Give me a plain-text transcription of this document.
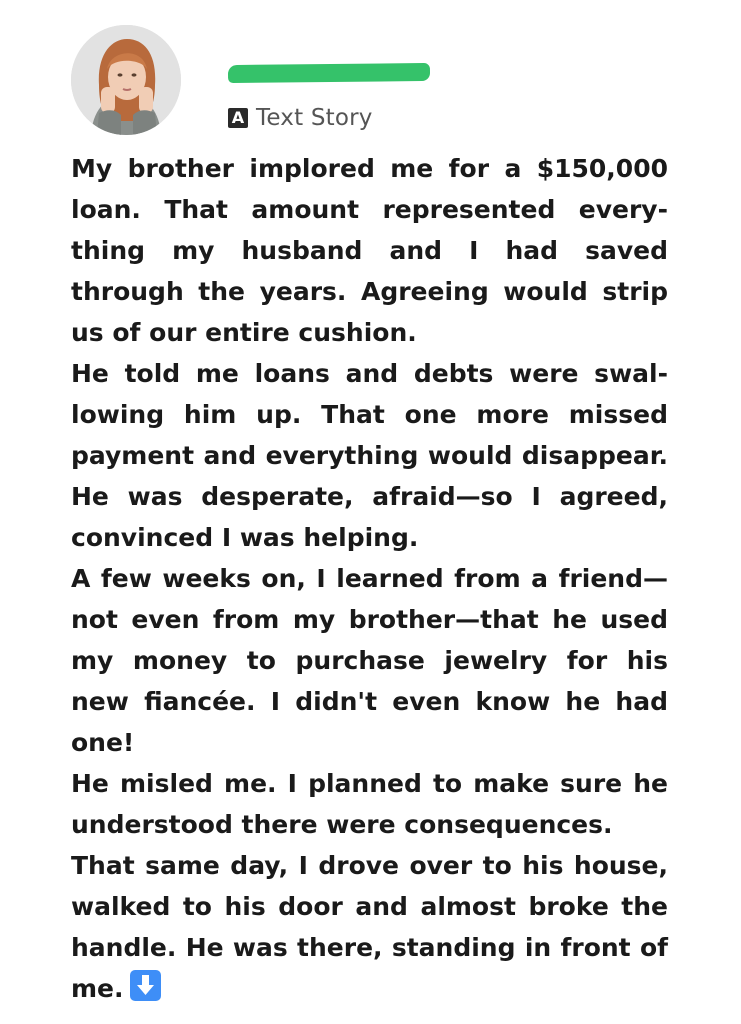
A Text Story

My brother implored me for a $150,000 loan. That amount represented everything my husband and I had saved through the years. Agreeing would strip us of our entire cushion.

He told me loans and debts were swallowing him up. That one more missed payment and everything would disappear. He was desperate, afraid—so I agreed, convinced I was helping.

A few weeks on, I learned from a friend—not even from my brother—that he used my money to purchase jewelry for his new fiancée. I didn't even know he had one!

He misled me. I planned to make sure he understood there were consequences.

That same day, I drove over to his house, walked to his door and almost broke the handle. He was there, standing in front of me.
